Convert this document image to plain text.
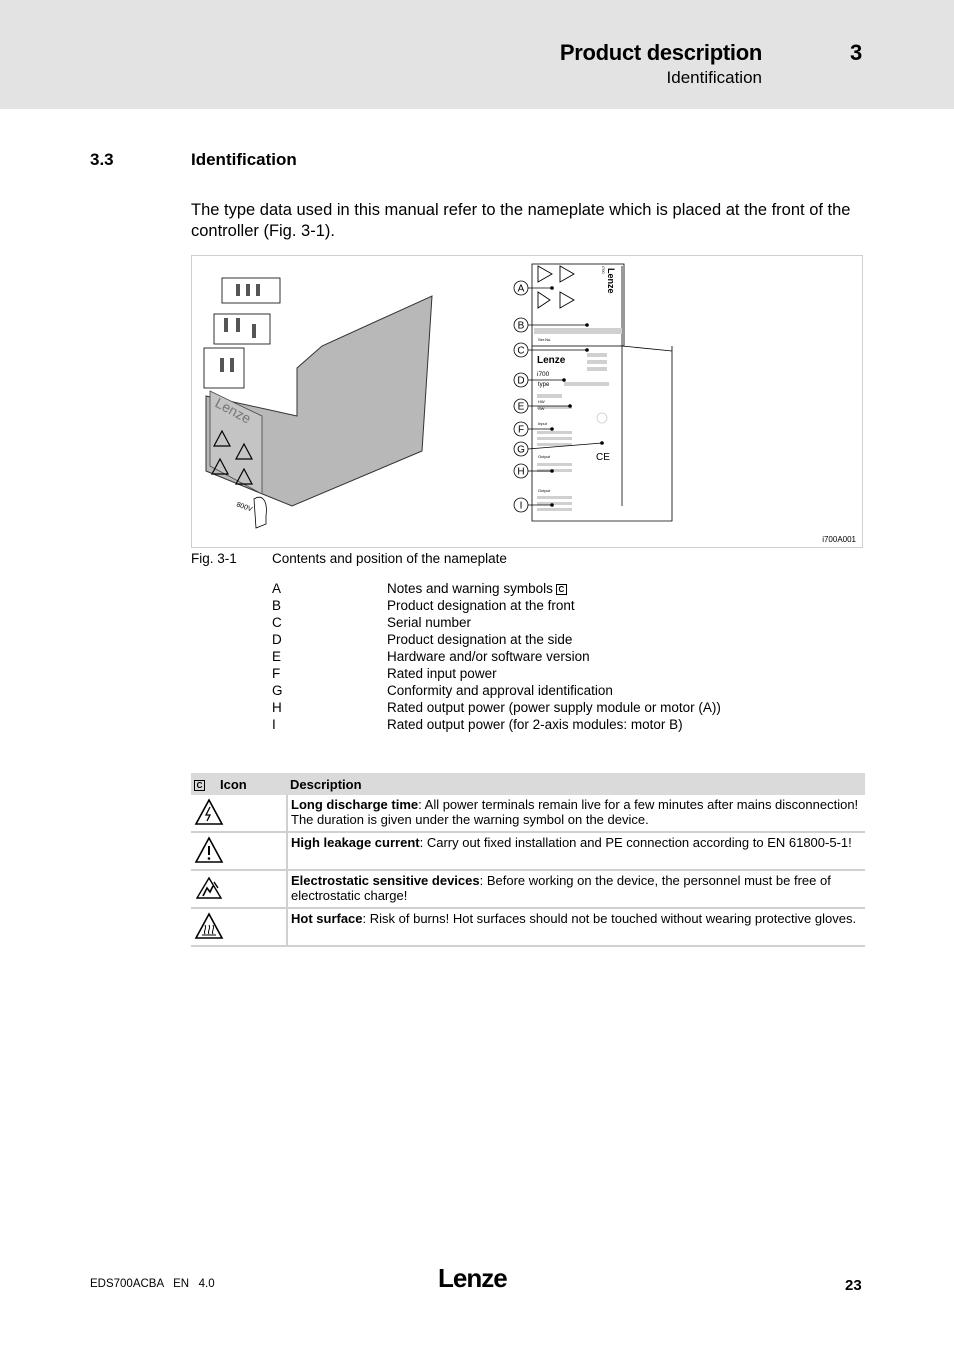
Product description	3
Identification
3.3	Identification
The type data used in this manual refer to the nameplate which is placed at the front of the controller (Fig. 3-1).
Lenze
800V
i700 Lenze
Ser.No.
Lenze
i700
type
HW
SW
Input
Output
Output
CE
A
B
C
D
E
F
G
H
I
i700A001
Fig. 3-1	Contents and position of the nameplate
A	Notes and warning symbols C
B	Product designation at the front
C	Serial number
D	Product designation at the side
E	Hardware and/or software version
F	Rated input power
G	Conformity and approval identification
H	Rated output power (power supply module or motor (A))
I	Rated output power (for 2-axis modules: motor B)
C	Icon	Description
	Long discharge time: All power terminals remain live for a few minutes after mains disconnection! The duration is given under the warning symbol on the device.
	High leakage current: Carry out fixed installation and PE connection according to EN 61800-5-1!
	Electrostatic sensitive devices: Before working on the device, the personnel must be free of electrostatic charge!
	Hot surface: Risk of burns! Hot surfaces should not be touched without wearing protective gloves.
EDS700ACBA   EN   4.0	Lenze	23
